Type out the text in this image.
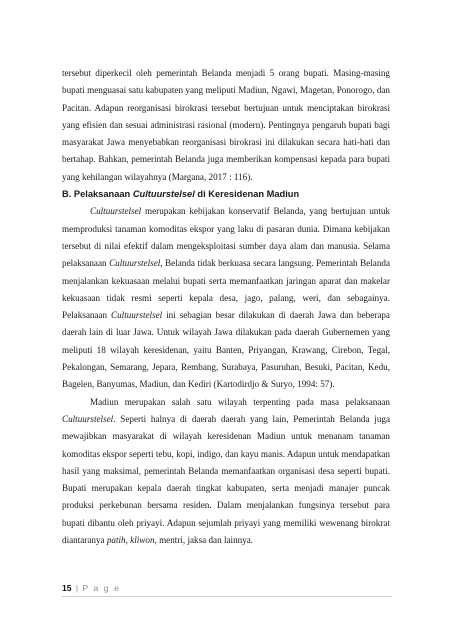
tersebut diperkecil oleh pemerintah Belanda menjadi 5 orang bupati. Masing-masing bupati menguasai satu kabupaten yang meliputi Madiun, Ngawi, Magetan, Ponorogo, dan Pacitan. Adapun reorganisasi birokrasi tersebut bertujuan untuk menciptakan birokrasi yang efisien dan sesuai administrasi rasional (modern). Pentingnya pengaruh bupati bagi masyarakat Jawa menyebabkan reorganisasi birokrasi ini dilakukan secara hati-hati dan bertahap. Bahkan, pemerintah Belanda juga memberikan kompensasi kepada para bupati yang kehilangan wilayahnya (Margana, 2017 : 116).

B. Pelaksanaan Cultuurstelsel di Keresidenan Madiun

Cultuurstelsel merupakan kebijakan konservatif Belanda, yang bertujuan untuk memproduksi tanaman komoditas ekspor yang laku di pasaran dunia. Dimana kebijakan tersebut di nilai efektif dalam mengeksploitasi sumber daya alam dan manusia. Selama pelaksanaan Cultuurstelsel, Belanda tidak berkuasa secara langsung. Pemerintah Belanda menjalankan kekuasaan melalui bupati serta memanfaatkan jaringan aparat dan makelar kekuasaan tidak resmi seperti kepala desa, jago, palang, weri, dan sebagainya. Pelaksanaan Cultuurstelsel ini sebagian besar dilakukan di daerah Jawa dan beberapa daerah lain di luar Jawa. Untuk wilayah Jawa dilakukan pada daerah Gubernemen yang meliputi 18 wilayah keresidenan, yaitu Banten, Priyangan, Krawang, Cirebon, Tegal, Pekalongan, Semarang, Jepara, Rembang, Surabaya, Pasuruhan, Besuki, Pacitan, Kedu, Bagelen, Banyumas, Madiun, dan Kediri (Kartodirdjo & Suryo, 1994: 57).

Madiun merupakan salah satu wilayah terpenting pada masa pelaksanaan Cultuurstelsel. Seperti halnya di daerah daerah yang lain, Pemerintah Belanda juga mewajibkan masyarakat di wilayah keresidenan Madiun untuk menanam tanaman komoditas ekspor seperti tebu, kopi, indigo, dan kayu manis. Adapun untuk mendapatkan hasil yang maksimal, pemerintah Belanda memanfaatkan organisasi desa seperti bupati. Bupati merupakan kepala daerah tingkat kabupaten, serta menjadi manajer puncak produksi perkebunan bersama residen. Dalam menjalankan fungsinya tersebut para bupati dibantu oleh priyayi. Adapun sejumlah priyayi yang memiliki wewenang birokrat diantaranya patih, kliwon, mentri, jaksa dan lainnya.

15 | P a g e
